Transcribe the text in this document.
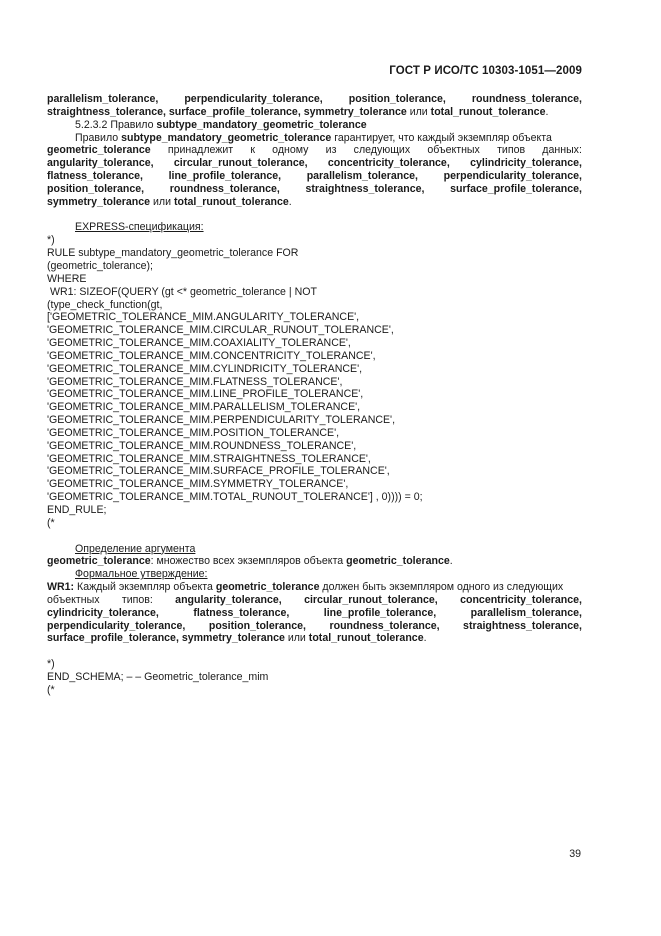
ГОСТ Р ИСО/ТС 10303-1051—2009
parallelism_tolerance, perpendicularity_tolerance, position_tolerance, roundness_tolerance,
straightness_tolerance, surface_profile_tolerance, symmetry_tolerance или total_runout_tolerance.
5.2.3.2 Правило subtype_mandatory_geometric_tolerance
Правило subtype_mandatory_geometric_tolerance гарантирует, что каждый экземпляр объекта
geometric_tolerance принадлежит к одному из следующих объектных типов данных:
angularity_tolerance, circular_runout_tolerance, concentricity_tolerance, cylindricity_tolerance,
flatness_tolerance, line_profile_tolerance, parallelism_tolerance, perpendicularity_tolerance,
position_tolerance, roundness_tolerance, straightness_tolerance, surface_profile_tolerance,
symmetry_tolerance или total_runout_tolerance.
EXPRESS-спецификация:
*)
RULE subtype_mandatory_geometric_tolerance FOR
(geometric_tolerance);
WHERE
WR1: SIZEOF(QUERY (gt <* geometric_tolerance | NOT
(type_check_function(gt,
['GEOMETRIC_TOLERANCE_MIM.ANGULARITY_TOLERANCE',
'GEOMETRIC_TOLERANCE_MIM.CIRCULAR_RUNOUT_TOLERANCE',
'GEOMETRIC_TOLERANCE_MIM.COAXIALITY_TOLERANCE',
'GEOMETRIC_TOLERANCE_MIM.CONCENTRICITY_TOLERANCE',
'GEOMETRIC_TOLERANCE_MIM.CYLINDRICITY_TOLERANCE',
'GEOMETRIC_TOLERANCE_MIM.FLATNESS_TOLERANCE',
'GEOMETRIC_TOLERANCE_MIM.LINE_PROFILE_TOLERANCE',
'GEOMETRIC_TOLERANCE_MIM.PARALLELISM_TOLERANCE',
'GEOMETRIC_TOLERANCE_MIM.PERPENDICULARITY_TOLERANCE',
'GEOMETRIC_TOLERANCE_MIM.POSITION_TOLERANCE',
'GEOMETRIC_TOLERANCE_MIM.ROUNDNESS_TOLERANCE',
'GEOMETRIC_TOLERANCE_MIM.STRAIGHTNESS_TOLERANCE',
'GEOMETRIC_TOLERANCE_MIM.SURFACE_PROFILE_TOLERANCE',
'GEOMETRIC_TOLERANCE_MIM.SYMMETRY_TOLERANCE',
'GEOMETRIC_TOLERANCE_MIM.TOTAL_RUNOUT_TOLERANCE'] , 0)))) = 0;
END_RULE;
(*
Определение аргумента
geometric_tolerance: множество всех экземпляров объекта geometric_tolerance.
Формальное утверждение:
WR1: Каждый экземпляр объекта geometric_tolerance должен быть экземпляром одного из следующих
объектных типов: angularity_tolerance, circular_runout_tolerance, concentricity_tolerance,
cylindricity_tolerance,	flatness_tolerance,	line_profile_tolerance,	parallelism_tolerance,
perpendicularity_tolerance, position_tolerance, roundness_tolerance, straightness_tolerance,
surface_profile_tolerance, symmetry_tolerance или total_runout_tolerance.
*)
END_SCHEMA; – – Geometric_tolerance_mim
(*
39
